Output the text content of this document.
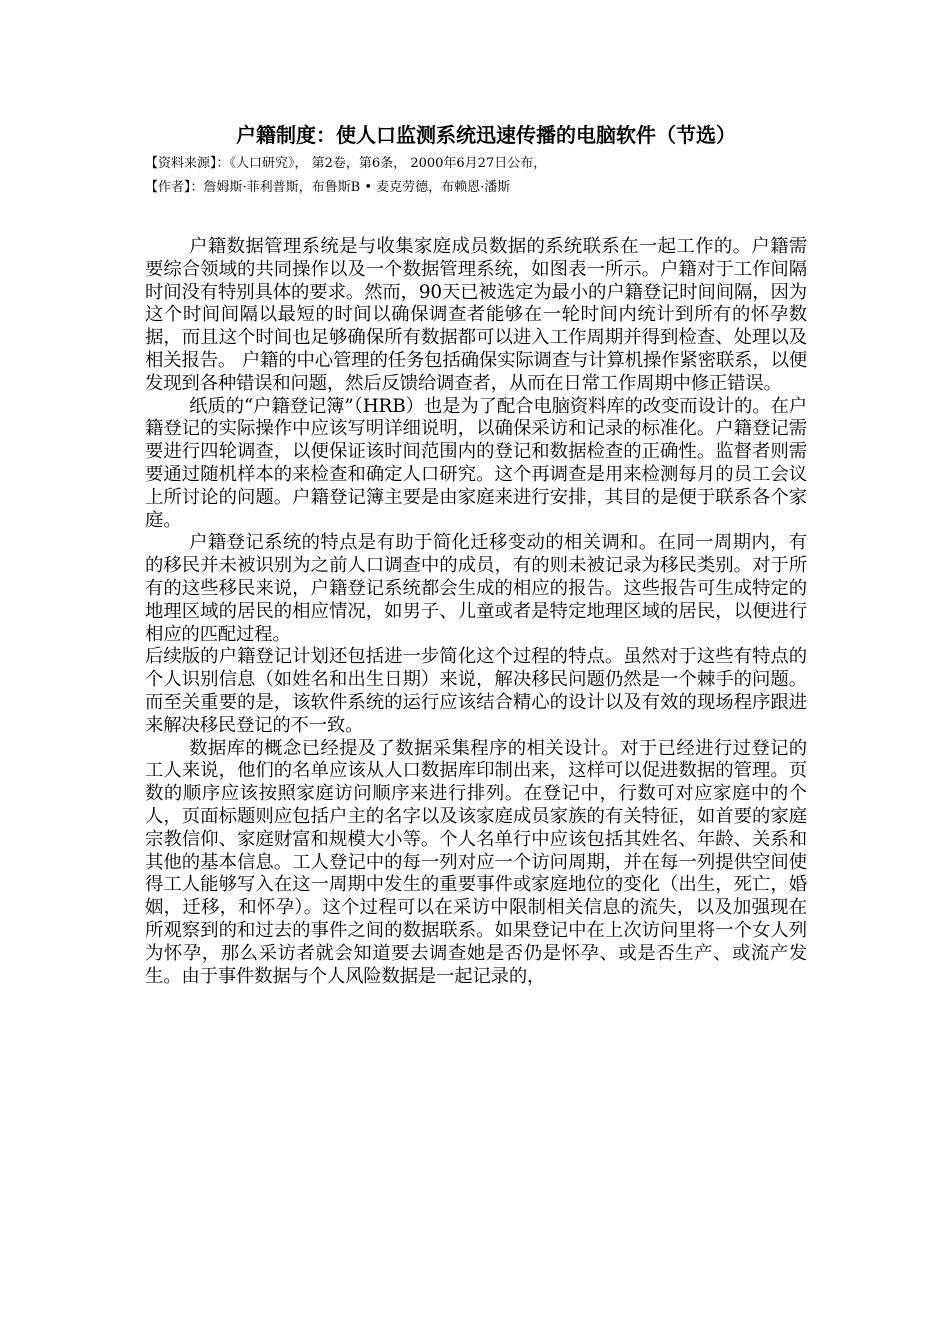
户籍制度：使人口监测系统迅速传播的电脑软件（节选）
【资料来源】：《人口研究》， 第2卷，第6条， 2000年6月27日公布，
【作者】：詹姆斯·菲利普斯，布鲁斯B • 麦克劳德，布赖恩·潘斯

户籍数据管理系统是与收集家庭成员数据的系统联系在一起工作的。户籍需要综合领域的共同操作以及一个数据管理系统，如图表一所示。户籍对于工作间隔时间没有特别具体的要求。然而，90天已被选定为最小的户籍登记时间间隔，因为这个时间间隔以最短的时间以确保调查者能够在一轮时间内统计到所有的怀孕数据，而且这个时间也足够确保所有数据都可以进入工作周期并得到检查、处理以及相关报告。 户籍的中心管理的任务包括确保实际调查与计算机操作紧密联系，以便发现到各种错误和问题，然后反馈给调查者，从而在日常工作周期中修正错误。

纸质的“户籍登记簿”（HRB）也是为了配合电脑资料库的改变而设计的。在户籍登记的实际操作中应该写明详细说明，以确保采访和记录的标准化。户籍登记需要进行四轮调查，以便保证该时间范围内的登记和数据检查的正确性。监督者则需要通过随机样本的来检查和确定人口研究。这个再调查是用来检测每月的员工会议上所讨论的问题。户籍登记簿主要是由家庭来进行安排，其目的是便于联系各个家庭。

户籍登记系统的特点是有助于简化迁移变动的相关调和。在同一周期内，有的移民并未被识别为之前人口调查中的成员，有的则未被记录为移民类别。对于所有的这些移民来说，户籍登记系统都会生成的相应的报告。这些报告可生成特定的地理区域的居民的相应情况，如男子、儿童或者是特定地理区域的居民，以便进行相应的匹配过程。

后续版的户籍登记计划还包括进一步简化这个过程的特点。虽然对于这些有特点的个人识别信息（如姓名和出生日期）来说，解决移民问题仍然是一个棘手的问题。而至关重要的是，该软件系统的运行应该结合精心的设计以及有效的现场程序跟进来解决移民登记的不一致。

数据库的概念已经提及了数据采集程序的相关设计。对于已经进行过登记的工人来说，他们的名单应该从人口数据库印制出来，这样可以促进数据的管理。页数的顺序应该按照家庭访问顺序来进行排列。在登记中，行数可对应家庭中的个人，页面标题则应包括户主的名字以及该家庭成员家族的有关特征，如首要的家庭宗教信仰、家庭财富和规模大小等。个人名单行中应该包括其姓名、年龄、关系和其他的基本信息。工人登记中的每一列对应一个访问周期，并在每一列提供空间使得工人能够写入在这一周期中发生的重要事件或家庭地位的变化（出生，死亡，婚姻，迁移，和怀孕）。这个过程可以在采访中限制相关信息的流失，以及加强现在所观察到的和过去的事件之间的数据联系。如果登记中在上次访问里将一个女人列为怀孕，那么采访者就会知道要去调查她是否仍是怀孕、或是否生产、或流产发生。由于事件数据与个人风险数据是一起记录的，
